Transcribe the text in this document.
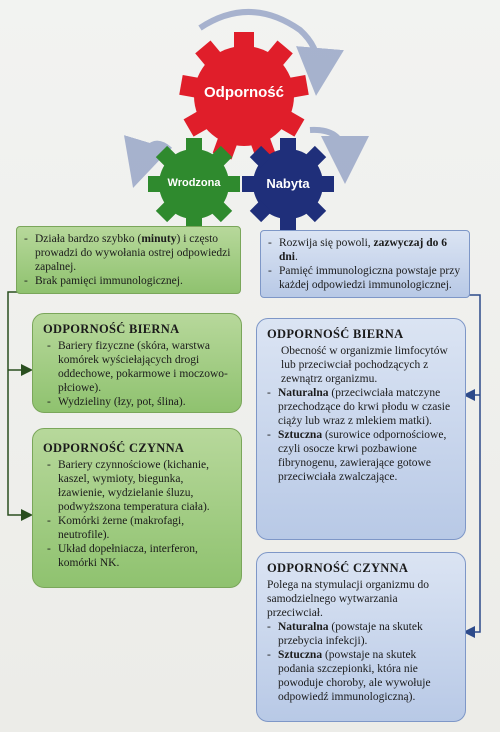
Odporność
Wrodzona	Nabyta
- Działa bardzo szybko (minuty) i często prowadzi do wywołania ostrej odpowiedzi zapalnej.
- Brak pamięci immunologicznej.
- Rozwija się powoli, zazwyczaj do 6 dni.
- Pamięć immunologiczna powstaje przy każdej odpowiedzi immunologicznej.
ODPORNOŚĆ BIERNA
- Bariery fizyczne (skóra, warstwa komórek wyściełających drogi oddechowe, pokarmowe i moczowo-płciowe).
- Wydzieliny (łzy, pot, ślina).
ODPORNOŚĆ CZYNNA
- Bariery czynnościowe (kichanie, kaszel, wymioty, biegunka, łzawienie, wydzielanie śluzu, podwyższona temperatura ciała).
- Komórki żerne (makrofagi, neutrofile).
- Układ dopełniacza, interferon, komórki NK.
ODPORNOŚĆ BIERNA
Obecność w organizmie limfocytów lub przeciwciał pochodzących z zewnątrz organizmu.
- Naturalna (przeciwciała matczyne przechodzące do krwi płodu w czasie ciąży lub wraz z mlekiem matki).
- Sztuczna (surowice odpornościowe, czyli osocze krwi pozbawione fibrynogenu, zawierające gotowe przeciwciała zwalczające.
ODPORNOŚĆ CZYNNA
Polega na stymulacji organizmu do samodzielnego wytwarzania przeciwciał.
- Naturalna (powstaje na skutek przebycia infekcji).
- Sztuczna (powstaje na skutek podania szczepionki, która nie powoduje choroby, ale wywołuje odpowiedź immunologiczną).
